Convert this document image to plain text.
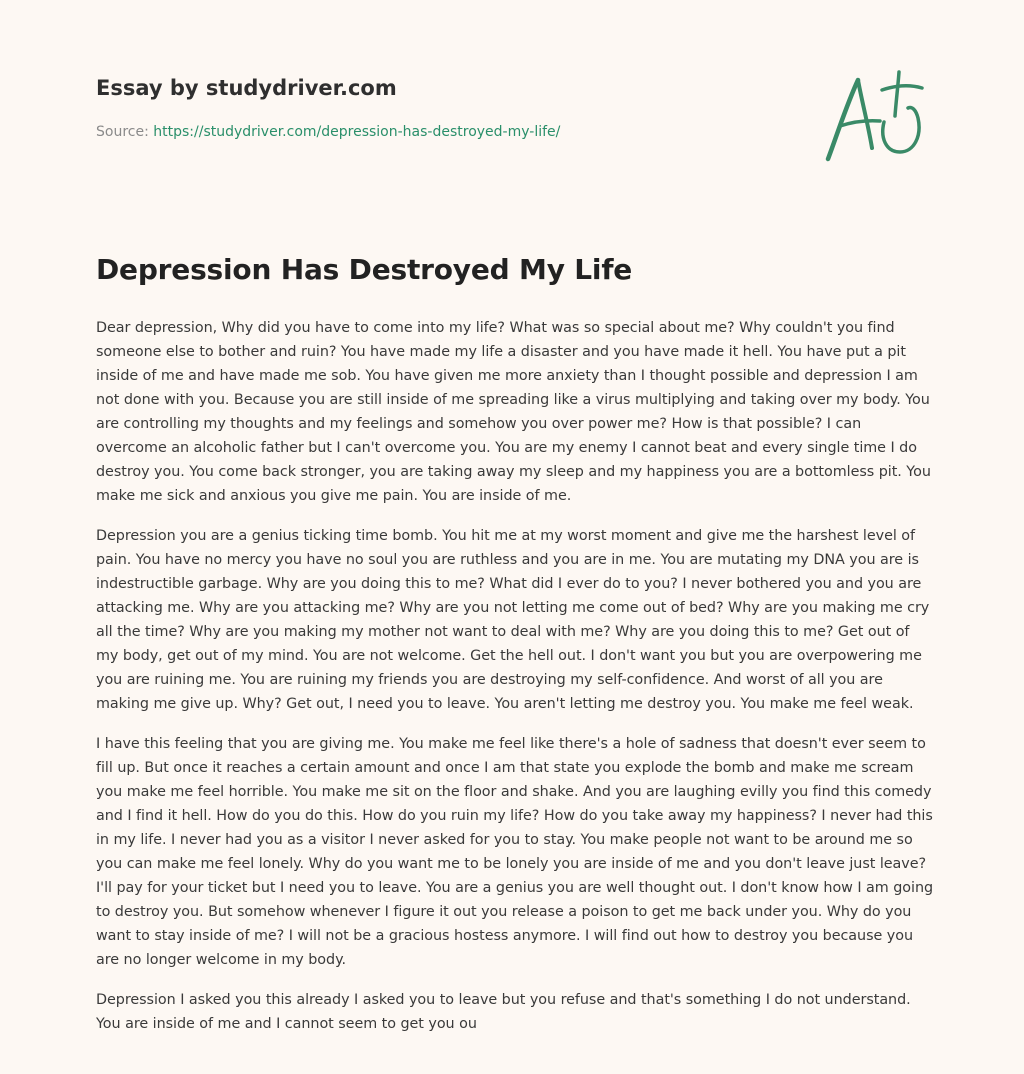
Essay by studydriver.com
Source: https://studydriver.com/depression-has-destroyed-my-life/
Depression Has Destroyed My Life

Dear depression, Why did you have to come into my life? What was so special about me? Why couldn't you find someone else to bother and ruin? You have made my life a disaster and you have made it hell. You have put a pit inside of me and have made me sob. You have given me more anxiety than I thought possible and depression I am not done with you. Because you are still inside of me spreading like a virus multiplying and taking over my body. You are controlling my thoughts and my feelings and somehow you over power me? How is that possible? I can overcome an alcoholic father but I can't overcome you. You are my enemy I cannot beat and every single time I do destroy you. You come back stronger, you are taking away my sleep and my happiness you are a bottomless pit. You make me sick and anxious you give me pain. You are inside of me.

Depression you are a genius ticking time bomb. You hit me at my worst moment and give me the harshest level of pain. You have no mercy you have no soul you are ruthless and you are in me. You are mutating my DNA you are is indestructible garbage. Why are you doing this to me? What did I ever do to you? I never bothered you and you are attacking me. Why are you attacking me? Why are you not letting me come out of bed? Why are you making me cry all the time? Why are you making my mother not want to deal with me? Why are you doing this to me? Get out of my body, get out of my mind. You are not welcome. Get the hell out. I don't want you but you are overpowering me you are ruining me. You are ruining my friends you are destroying my self-confidence. And worst of all you are making me give up. Why? Get out, I need you to leave. You aren't letting me destroy you. You make me feel weak.

I have this feeling that you are giving me. You make me feel like there's a hole of sadness that doesn't ever seem to fill up. But once it reaches a certain amount and once I am that state you explode the bomb and make me scream you make me feel horrible. You make me sit on the floor and shake. And you are laughing evilly you find this comedy and I find it hell. How do you do this. How do you ruin my life? How do you take away my happiness? I never had this in my life. I never had you as a visitor I never asked for you to stay. You make people not want to be around me so you can make me feel lonely. Why do you want me to be lonely you are inside of me and you don't leave just leave? I'll pay for your ticket but I need you to leave. You are a genius you are well thought out. I don't know how I am going to destroy you. But somehow whenever I figure it out you release a poison to get me back under you. Why do you want to stay inside of me? I will not be a gracious hostess anymore. I will find out how to destroy you because you are no longer welcome in my body.

Depression I asked you this already I asked you to leave but you refuse and that's something I do not understand. You are inside of me and I cannot seem to get you ou
